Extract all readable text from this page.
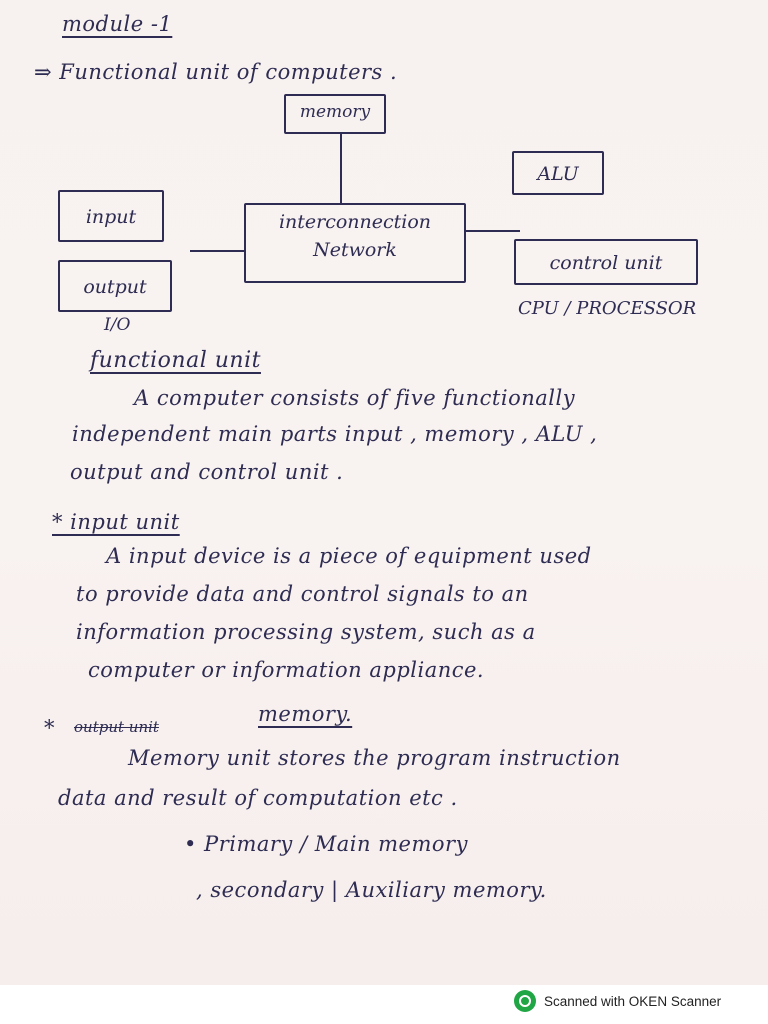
module -1
⇒ Functional unit of computers .
memory
ALU
input	interconnection
Network
control unit
output
I/O
CPU / PROCESSOR
functional unit
A computer consists of five functionally
independent main parts input , memory , ALU ,
output and control unit .
* input unit
A input device is a piece of equipment used
to provide data and control signals to an
information processing system, such as a
computer or information appliance.
* output unit
memory.
Memory unit stores the program instruction
data and result of computation etc .
• Primary / Main memory
, secondary | Auxiliary memory.
Scanned with OKEN Scanner
